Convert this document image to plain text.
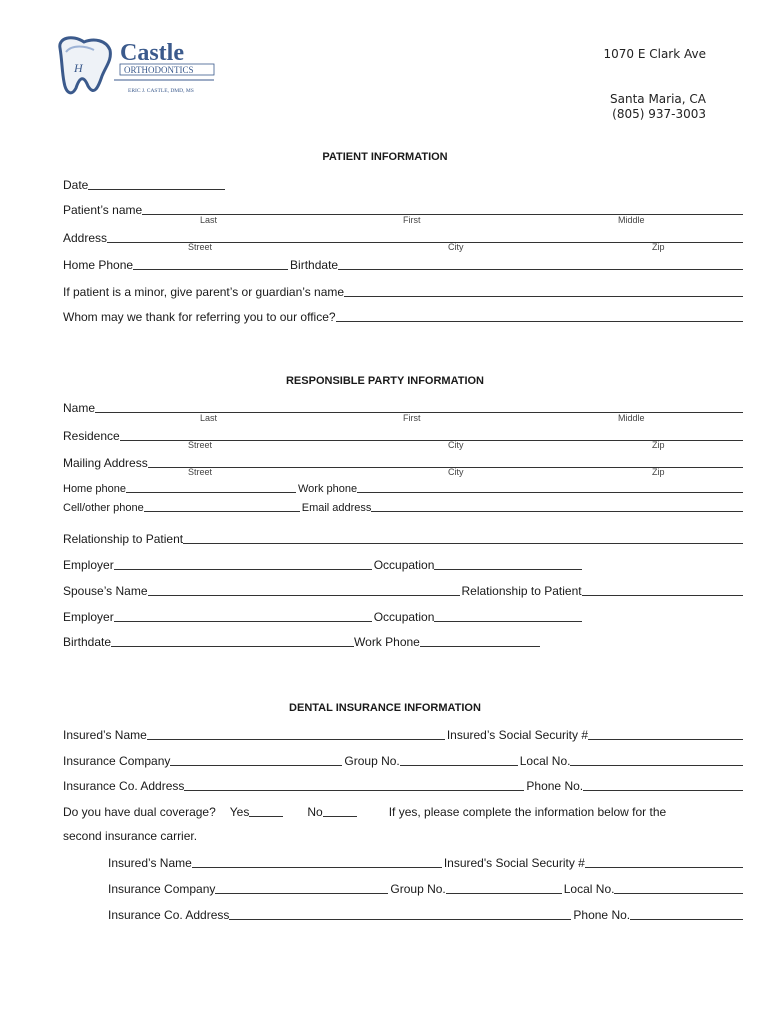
H
Castle
ORTHODONTICS
ERIC J. CASTLE, DMD, MS
1070 E Clark Ave
Santa Maria, CA
(805) 937-3003
PATIENT INFORMATION
Date
Patient’s name
Last	First	Middle
Address
Street	City	Zip
Home Phone	Birthdate
If patient is a minor, give parent’s or guardian’s name
Whom may we thank for referring you to our office?
RESPONSIBLE PARTY INFORMATION
Name
Last	First	Middle
Residence
Street	City	Zip
Mailing Address
Street	City	Zip
Home phone	Work phone
Cell/other phone	Email address
Relationship to Patient
Employer	Occupation
Spouse’s Name	Relationship to Patient
Employer	Occupation
Birthdate	Work Phone
DENTAL INSURANCE INFORMATION
Insured’s Name	Insured’s Social Security #
Insurance Company	Group No.	Local No.
Insurance Co. Address	Phone No.
Do you have dual coverage? Yes	No	If yes, please complete the information below for the
second insurance carrier.
Insured’s Name	Insured's Social Security #
Insurance Company	Group No.	Local No.
Insurance Co. Address	Phone No.
